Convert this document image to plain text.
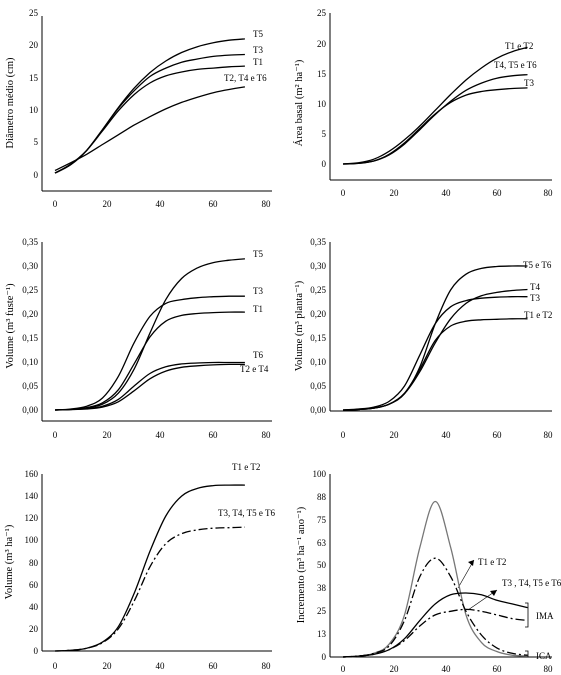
Diâmetro médio (cm)
0
5
10
15
20
25
0	20	40	60	80
T5
T3
T1
T2, T4 e T6	Área basal (m² ha⁻¹)
0
5
10
15
20
25
0	20	40	60	80
T1 e T2
T4, T5 e T6
T3
Volume (m³ fuste⁻¹)
0,00
0,05
0,10
0,15
0,20
0,25
0,30
0,35
0	20	40	60	80
T5
T3
T1
T6
T2 e T4 Volume (m³ planta⁻¹)
0,00
0,05
0,10
0,15
0,20
0,25
0,30
0,35
0	20	40	60	80
T5 e T6
T4
T3
T1 e T2
Volume (m³ ha⁻¹)
0
20
40
60
80
100
120
140
160
0	20	40	60	80
T1 e T2
T3, T4, T5 e T6 Incremento (m³ ha⁻¹ ano⁻¹)
0
13
25
38
50
63
75
88
100
0	20	40	60	80
T1 e T2
T3 , T4, T5 e T6
IMA
ICA
